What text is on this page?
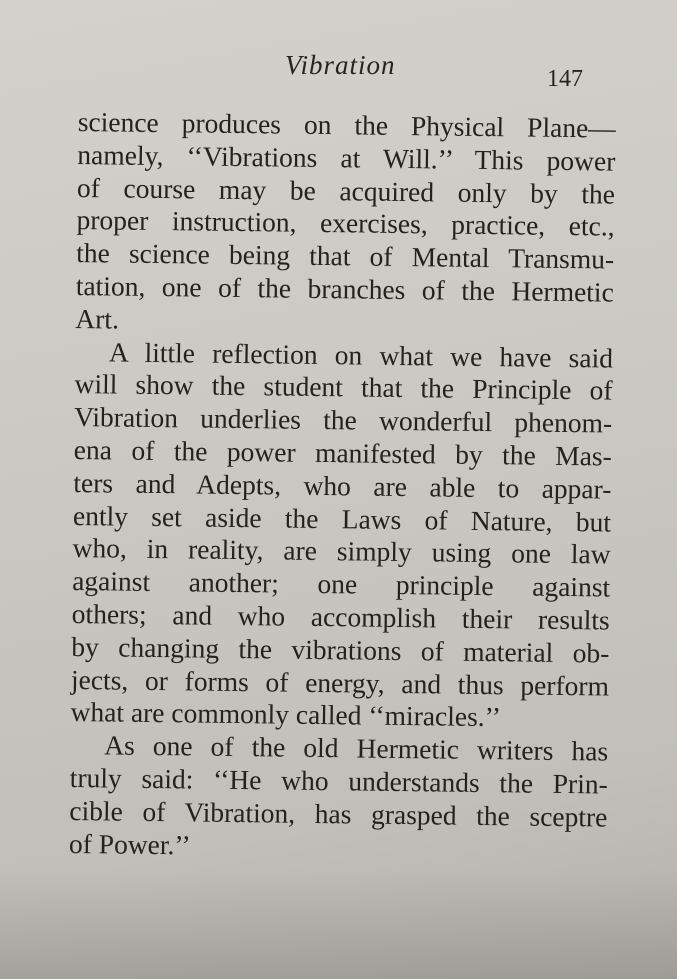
Vibration	147

science produces on the Physical Plane—
namely, ‘‘Vibrations at Will.’’ This power
of course may be acquired only by the
proper instruction, exercises, practice, etc.,
the science being that of Mental Transmu-
tation, one of the branches of the Hermetic
Art.

A little reflection on what we have said
will show the student that the Principle of
Vibration underlies the wonderful phenom-
ena of the power manifested by the Mas-
ters and Adepts, who are able to appar-
ently set aside the Laws of Nature, but
who, in reality, are simply using one law
against another; one principle against
others; and who accomplish their results
by changing the vibrations of material ob-
jects, or forms of energy, and thus perform
what are commonly called ‘‘miracles.’’

As one of the old Hermetic writers has
truly said: ‘‘He who understands the Prin-
cible of Vibration, has grasped the sceptre
of Power.’’
